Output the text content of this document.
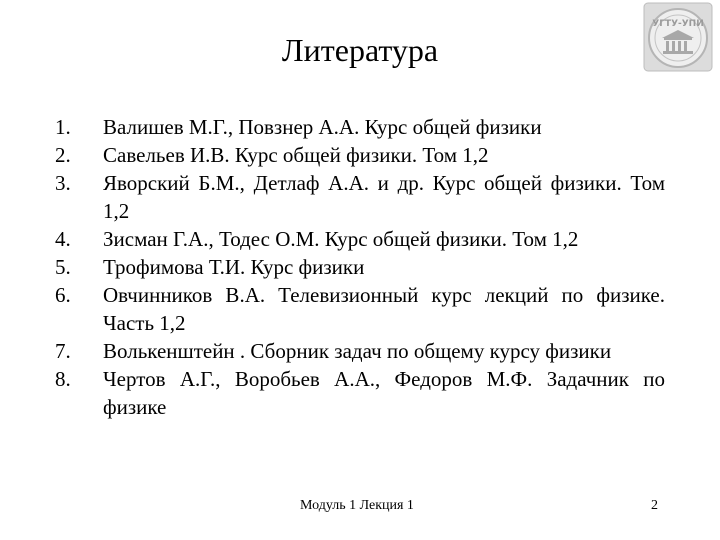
Литература
УГТУ-УПИ
1.	Валишев М.Г., Повзнер А.А. Курс общей физики
2.	Савельев И.В. Курс общей физики. Том 1,2
3.	Яворский Б.М., Детлаф А.А. и др. Курс общей физики. Том 1,2
4.	Зисман Г.А., Тодес О.М. Курс общей физики. Том 1,2
5.	Трофимова Т.И. Курс физики
6.	Овчинников В.А. Телевизионный курс лекций по физике. Часть 1,2
7.	Волькенштейн . Сборник задач по общему курсу физики
8.	Чертов А.Г., Воробьев А.А., Федоров М.Ф. Задачник по физике
Модуль 1 Лекция 1	2
